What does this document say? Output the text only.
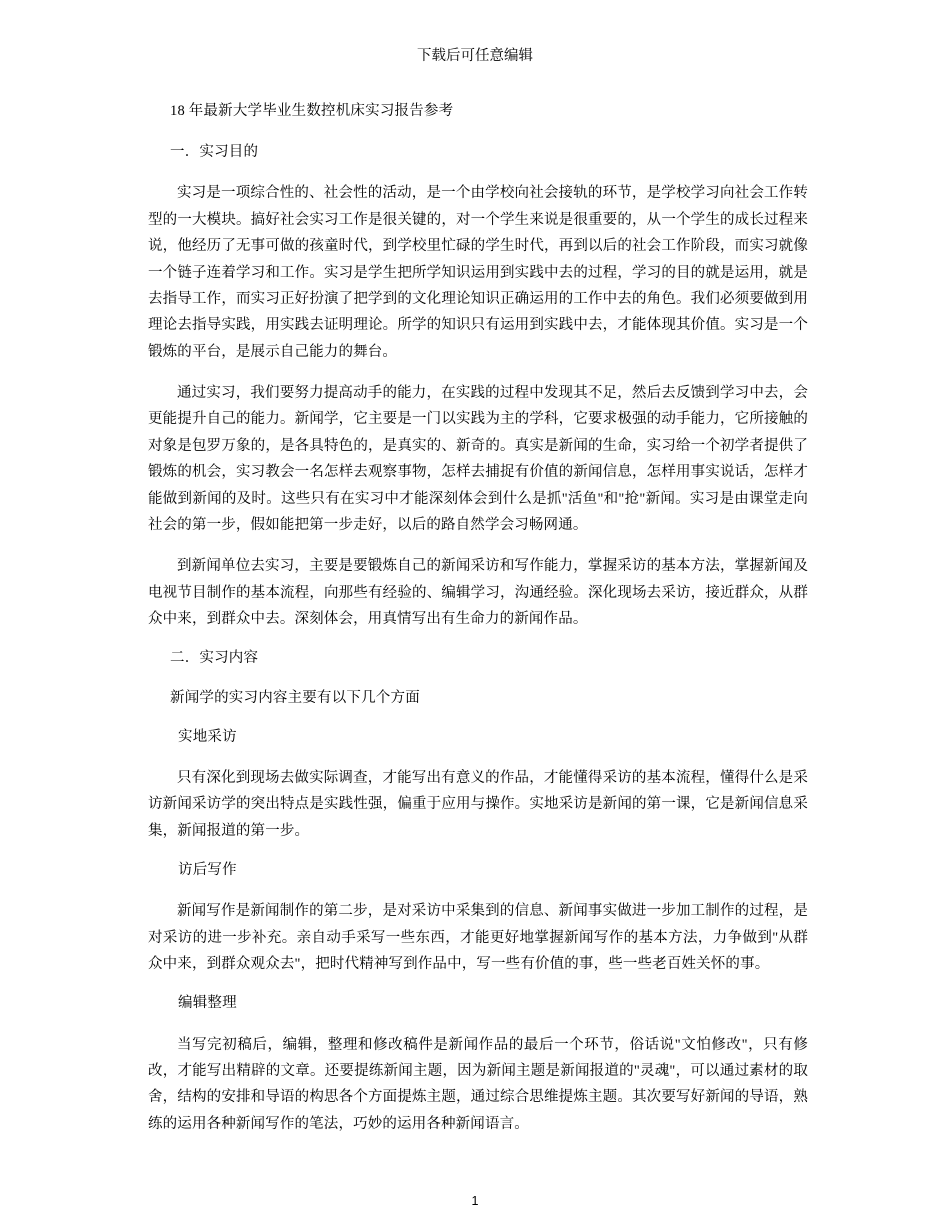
下载后可任意编辑
18 年最新大学毕业生数控机床实习报告参考
一．实习目的

实习是一项综合性的、社会性的活动，是一个由学校向社会接轨的环节，是学校学习向社会工作转型的一大模块。搞好社会实习工作是很关键的，对一个学生来说是很重要的，从一个学生的成长过程来说，他经历了无事可做的孩童时代，到学校里忙碌的学生时代，再到以后的社会工作阶段，而实习就像一个链子连着学习和工作。实习是学生把所学知识运用到实践中去的过程，学习的目的就是运用，就是去指导工作，而实习正好扮演了把学到的文化理论知识正确运用的工作中去的角色。我们必须要做到用理论去指导实践，用实践去证明理论。所学的知识只有运用到实践中去，才能体现其价值。实习是一个锻炼的平台，是展示自己能力的舞台。

通过实习，我们要努力提高动手的能力，在实践的过程中发现其不足，然后去反馈到学习中去，会更能提升自己的能力。新闻学，它主要是一门以实践为主的学科，它要求极强的动手能力，它所接触的对象是包罗万象的，是各具特色的，是真实的、新奇的。真实是新闻的生命，实习给一个初学者提供了锻炼的机会，实习教会一名怎样去观察事物，怎样去捕捉有价值的新闻信息，怎样用事实说话，怎样才能做到新闻的及时。这些只有在实习中才能深刻体会到什么是抓"活鱼"和"抢"新闻。实习是由课堂走向社会的第一步，假如能把第一步走好，以后的路自然学会习畅网通。

到新闻单位去实习，主要是要锻炼自己的新闻采访和写作能力，掌握采访的基本方法，掌握新闻及电视节目制作的基本流程，向那些有经验的、编辑学习，沟通经验。深化现场去采访，接近群众，从群众中来，到群众中去。深刻体会，用真情写出有生命力的新闻作品。

二．实习内容
新闻学的实习内容主要有以下几个方面
实地采访

只有深化到现场去做实际调查，才能写出有意义的作品，才能懂得采访的基本流程，懂得什么是采访新闻采访学的突出特点是实践性强，偏重于应用与操作。实地采访是新闻的第一课，它是新闻信息采集，新闻报道的第一步。

访后写作

新闻写作是新闻制作的第二步，是对采访中采集到的信息、新闻事实做进一步加工制作的过程，是对采访的进一步补充。亲自动手采写一些东西，才能更好地掌握新闻写作的基本方法，力争做到"从群众中来，到群众观众去"，把时代精神写到作品中，写一些有价值的事，些一些老百姓关怀的事。

编辑整理

当写完初稿后，编辑，整理和修改稿件是新闻作品的最后一个环节，俗话说"文怕修改"，只有修改，才能写出精辟的文章。还要提练新闻主题，因为新闻主题是新闻报道的"灵魂"，可以通过素材的取舍，结构的安排和导语的构思各个方面提炼主题，通过综合思维提炼主题。其次要写好新闻的导语，熟练的运用各种新闻写作的笔法，巧妙的运用各种新闻语言。

1
